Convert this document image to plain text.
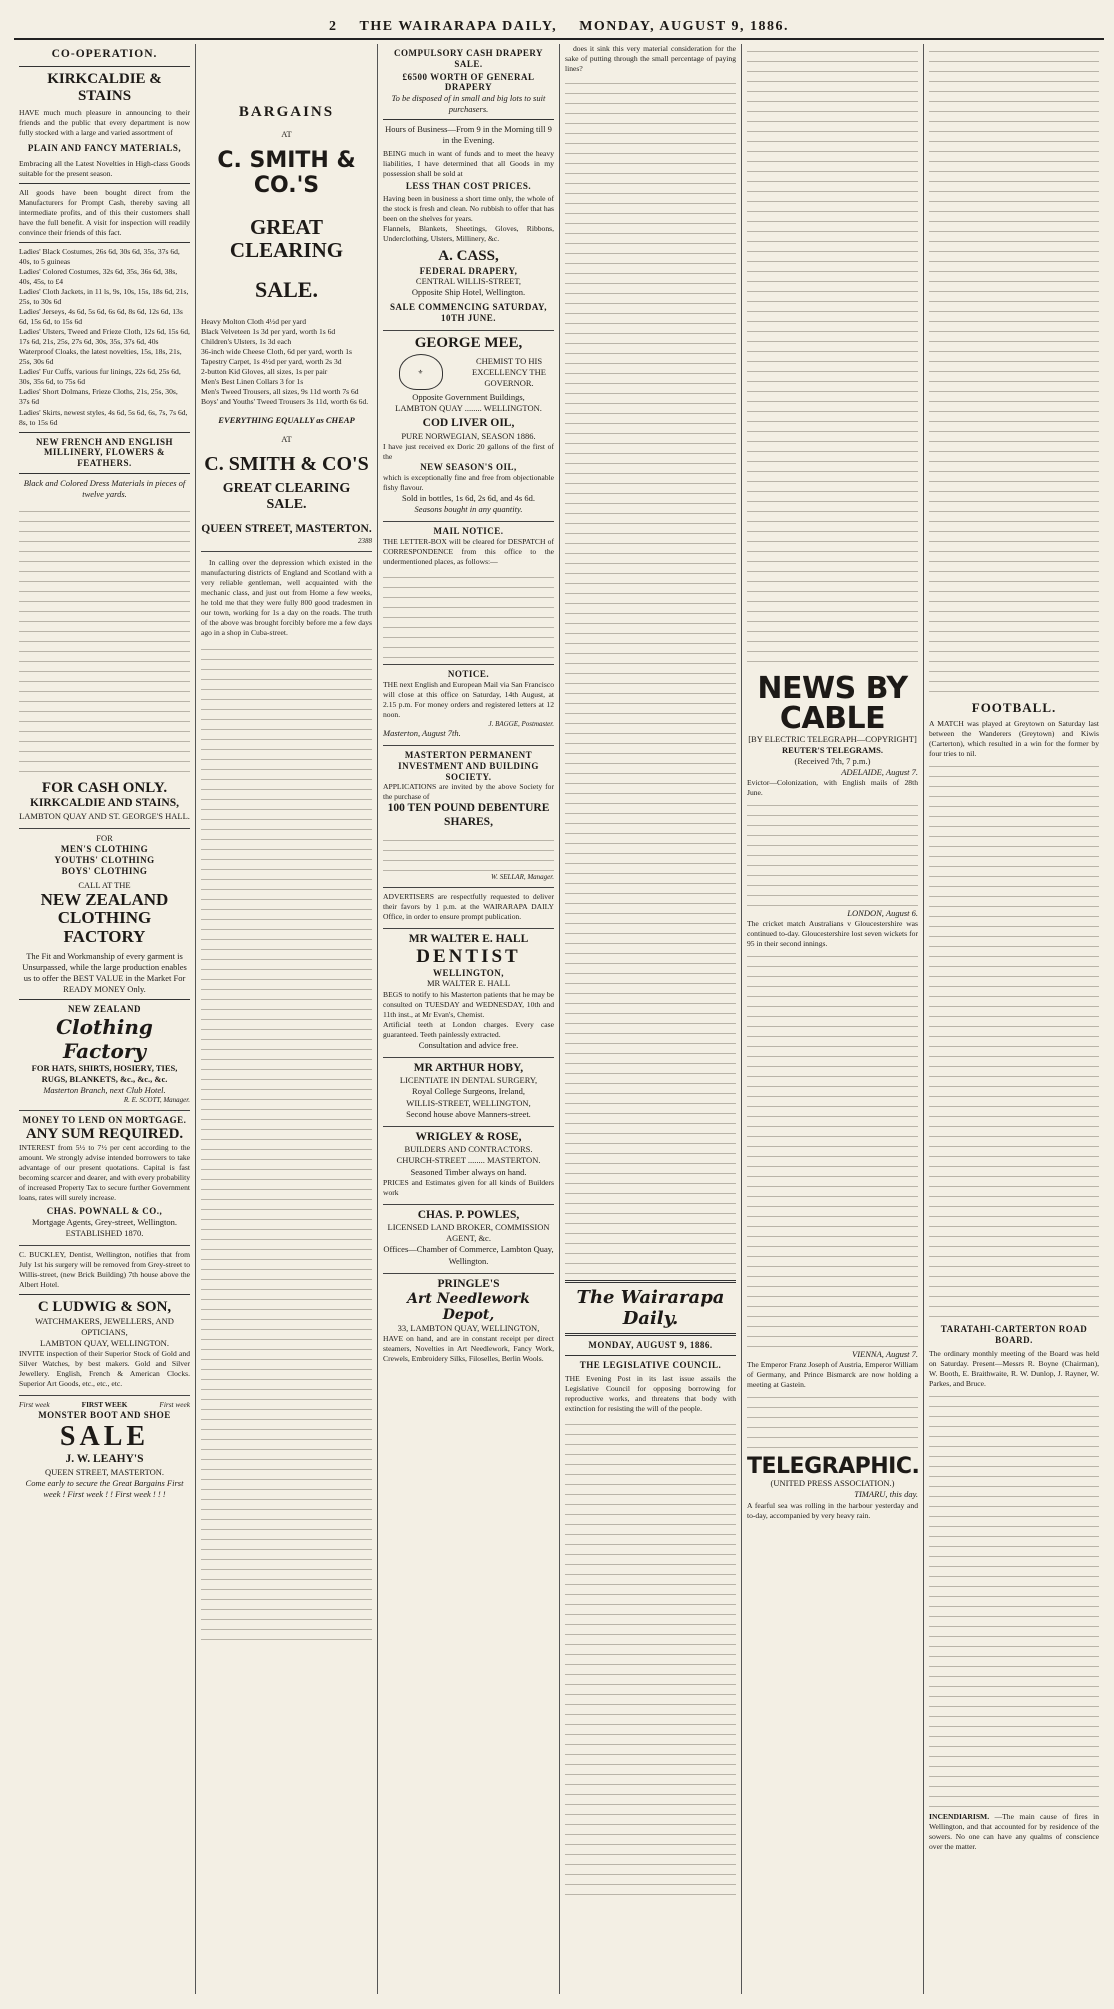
2 THE WAIRARAPA DAILY, MONDAY, AUGUST 9, 1886.
CO-OPERATION.
KIRKCALDIE & STAINS
HAVE much much pleasure in announcing to their friends and the public that every department is now fully stocked with a large and varied assortment of
PLAIN AND FANCY MATERIALS,
Embracing all the Latest Novelties in High-class Goods suitable for the present season.
All goods have been bought direct from the Manufacturers for Prompt Cash, thereby saving all intermediate profits, and of this their customers shall have the full benefit. A visit for inspection will readily convince their friends of this fact.
Ladies' Black Costumes, 26s 6d, 30s 6d, 35s, 37s 6d, 40s, to 5 guineas
Ladies' Colored Costumes, 32s 6d, 35s, 36s 6d, 38s, 40s, 45s, to £4
Ladies' Cloth Jackets, in 11 ls, 9s, 10s, 15s, 18s 6d, 21s, 25s, to 30s 6d
Ladies' Jerseys, 4s 6d, 5s 6d, 6s 6d, 8s 6d, 12s 6d, 13s 6d, 15s 6d, to 15s 6d
Ladies' Ulsters, Tweed and Frieze Cloth, 12s 6d, 15s 6d, 17s 6d, 21s, 25s, 27s 6d, 30s, 35s, 37s 6d, 40s
Waterproof Cloaks, the latest novelties, 15s, 18s, 21s, 25s, 30s 6d
Ladies' Fur Cuffs, various fur linings, 22s 6d, 25s 6d, 30s, 35s 6d, to 75s 6d
Ladies' Short Dolmans, Frieze Cloths, 21s, 25s, 30s, 37s 6d
Ladies' Skirts, newest styles, 4s 6d, 5s 6d, 6s, 7s, 7s 6d, 8s, to 15s 6d
NEW FRENCH AND ENGLISH MILLINERY, FLOWERS & FEATHERS.
Black and Colored Dress Materials in pieces of twelve yards.
FOR CASH ONLY.
KIRKCALDIE AND STAINS,
LAMBTON QUAY AND ST. GEORGE'S HALL.
FOR
MEN'S CLOTHING
YOUTHS' CLOTHING
BOYS' CLOTHING
CALL AT THE
NEW ZEALAND CLOTHING FACTORY
The Fit and Workmanship of every garment is Unsurpassed, while the large production enables us to offer the BEST VALUE in the Market For READY MONEY Only.
NEW ZEALAND
Clothing Factory
FOR HATS, SHIRTS, HOSIERY, TIES, RUGS, BLANKETS, &c., &c., &c.
Masterton Branch, next Club Hotel.
R. E. SCOTT, Manager.
MONEY TO LEND ON MORTGAGE.
ANY SUM REQUIRED.
INTEREST from 5½ to 7½ per cent according to the amount. We strongly advise intended borrowers to take advantage of our present quotations. Capital is fast becoming scarcer and dearer, and with every probability of increased Property Tax to secure further Government loans, rates will surely increase.
CHAS. POWNALL & CO.,
Mortgage Agents, Grey-street, Wellington. ESTABLISHED 1870.
C. BUCKLEY, Dentist, Wellington, notifies that from July 1st his surgery will be removed from Grey-street to Willis-street, (new Brick Building) 7th house above the Albert Hotel.
C LUDWIG & SON,
WATCHMAKERS, JEWELLERS, AND OPTICIANS,
LAMBTON QUAY, WELLINGTON.
INVITE inspection of their Superior Stock of Gold and Silver Watches, by best makers. Gold and Silver Jewellery. English, French & American Clocks. Superior Art Goods, etc., etc., etc.
First week	FIRST WEEK	First week
MONSTER BOOT AND SHOE
SALE
J. W. LEAHY'S
QUEEN STREET, MASTERTON.
Come early to secure the Great Bargains First week ! First week ! ! First week ! ! !
BARGAINS
AT
C. SMITH & CO.'S
GREAT CLEARING
SALE.
Heavy Molton Cloth 4½d per yard
Black Velveteen 1s 3d per yard, worth 1s 6d
Children's Ulsters, 1s 3d each
36-inch wide Cheese Cloth, 6d per yard, worth 1s
Tapestry Carpet, 1s 4½d per yard, worth 2s 3d
2-button Kid Gloves, all sizes, 1s per pair
Men's Best Linen Collars 3 for 1s
Men's Tweed Trousers, all sizes, 9s 11d worth 7s 6d
Boys' and Youths' Tweed Trousers 3s 11d, worth 6s 6d.
EVERYTHING EQUALLY as CHEAP
AT
C. SMITH & CO'S
GREAT CLEARING SALE.
QUEEN STREET, MASTERTON.
2388

In calling over the depression which existed in the manufacturing districts of England and Scotland with a very reliable gentleman, well acquainted with the mechanic class, and just out from Home a few weeks, he told me that they were fully 800 good tradesmen in our town, working for 1s a day on the roads. The truth of the above was brought forcibly before me a few days ago in a shop in Cuba-street.

COMPULSORY CASH DRAPERY SALE.
£6500 WORTH OF GENERAL DRAPERY
To be disposed of in small and big lots to suit purchasers.
Hours of Business—From 9 in the Morning till 9 in the Evening.
BEING much in want of funds and to meet the heavy liabilities, I have determined that all Goods in my possession shall be sold at
LESS THAN COST PRICES.
Having been in business a short time only, the whole of the stock is fresh and clean. No rubbish to offer that has been on the shelves for years.
Flannels, Blankets, Sheetings, Gloves, Ribbons, Underclothing, Ulsters, Millinery, &c.
A. CASS,
FEDERAL DRAPERY,
CENTRAL WILLIS-STREET,
Opposite Ship Hotel, Wellington.
SALE COMMENCING SATURDAY, 10TH JUNE.
GEORGE MEE,
⚜
CHEMIST TO HIS EXCELLENCY THE GOVERNOR.
Opposite Government Buildings,
LAMBTON QUAY ........ WELLINGTON.
COD LIVER OIL,
PURE NORWEGIAN, SEASON 1886.
I have just received ex Doric 20 gallons of the first of the
NEW SEASON'S OIL,
which is exceptionally fine and free from objectionable fishy flavour.
Sold in bottles, 1s 6d, 2s 6d, and 4s 6d.
Seasons bought in any quantity.
MAIL NOTICE.
THE LETTER-BOX will be cleared for DESPATCH of CORRESPONDENCE from this office to the undermentioned places, as follows:—
NOTICE.
THE next English and European Mail via San Francisco will close at this office on Saturday, 14th August, at 2.15 p.m. For money orders and registered letters at 12 noon.
J. BAGGE, Postmaster.
Masterton, August 7th.
MASTERTON PERMANENT INVESTMENT AND BUILDING SOCIETY.
APPLICATIONS are invited by the above Society for the purchase of
100 TEN POUND DEBENTURE SHARES,
W. SELLAR, Manager.
ADVERTISERS are respectfully requested to deliver their favors by 1 p.m. at the WAIRARAPA DAILY Office, in order to ensure prompt publication.
MR WALTER E. HALL
DENTIST
WELLINGTON,
MR WALTER E. HALL
BEGS to notify to his Masterton patients that he may be consulted on TUESDAY and WEDNESDAY, 10th and 11th inst., at Mr Evan's, Chemist.
Artificial teeth at London charges. Every case guaranteed. Teeth painlessly extracted.
Consultation and advice free.
MR ARTHUR HOBY,
LICENTIATE IN DENTAL SURGERY,
Royal College Surgeons, Ireland,
WILLIS-STREET, WELLINGTON,
Second house above Manners-street.
WRIGLEY & ROSE,
BUILDERS AND CONTRACTORS.
CHURCH-STREET ........ MASTERTON.
Seasoned Timber always on hand.
PRICES and Estimates given for all kinds of Builders work
CHAS. P. POWLES,
LICENSED LAND BROKER, COMMISSION AGENT, &c.
Offices—Chamber of Commerce, Lambton Quay, Wellington.
PRINGLE'S
Art Needlework Depot,
33, LAMBTON QUAY, WELLINGTON,
HAVE on hand, and are in constant receipt per direct steamers, Novelties in Art Needlework, Fancy Work, Crewels, Embroidery Silks, Filoselles, Berlin Wools.

does it sink this very material consideration for the sake of putting through the small percentage of paying lines?

The Wairarapa Daily.
MONDAY, AUGUST 9, 1886.
THE LEGISLATIVE COUNCIL.
THE Evening Post in its last issue assails the Legislative Council for opposing borrowing for reproductive works, and threatens that body with extinction for resisting the will of the people.
NEWS BY CABLE
[BY ELECTRIC TELEGRAPH—COPYRIGHT]
REUTER'S TELEGRAMS.
(Received 7th, 7 p.m.)
ADELAIDE, August 7.
Evictor—Colonization, with English mails of 28th June.
LONDON, August 6.
The cricket match Australians v Gloucestershire was continued to-day. Gloucestershire lost seven wickets for 95 in their second innings.
VIENNA, August 7.
The Emperor Franz Joseph of Austria, Emperor William of Germany, and Prince Bismarck are now holding a meeting at Gastein.
TELEGRAPHIC.
(UNITED PRESS ASSOCIATION.)
TIMARU, this day.
A fearful sea was rolling in the harbour yesterday and to-day, accompanied by very heavy rain.
FOOTBALL.
A MATCH was played at Greytown on Saturday last between the Wanderers (Greytown) and Kiwis (Carterton), which resulted in a win for the former by four tries to nil.
TARATAHI-CARTERTON ROAD BOARD.
The ordinary monthly meeting of the Board was held on Saturday. Present—Messrs R. Boyne (Chairman), W. Booth, E. Braithwaite, R. W. Dunlop, J. Rayner, W. Parkes, and Bruce.
INCENDIARISM. —The main cause of fires in Wellington, and that accounted for by residence of the sowers. No one can have any qualms of conscience over the matter.
